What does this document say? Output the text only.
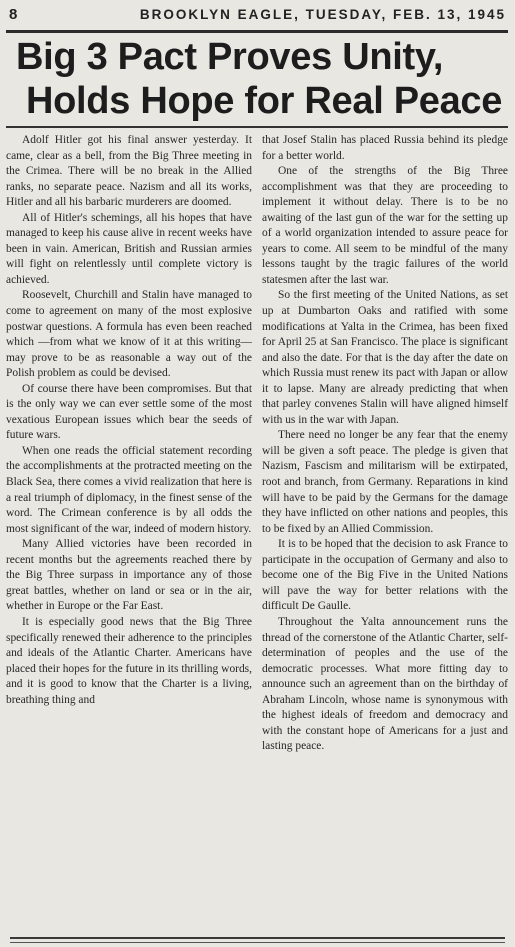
8	BROOKLYN EAGLE, TUESDAY, FEB. 13, 1945
Big 3 Pact Proves Unity,
Holds Hope for Real Peace

Adolf Hitler got his final answer yesterday. It came, clear as a bell, from the Big Three meeting in the Crimea. There will be no break in the Allied ranks, no separate peace. Nazism and all its works, Hitler and all his barbaric murderers are doomed.

All of Hitler's schemings, all his hopes that have managed to keep his cause alive in recent weeks have been in vain. American, British and Russian armies will fight on relentlessly until complete victory is achieved.

Roosevelt, Churchill and Stalin have managed to come to agreement on many of the most explosive postwar questions. A formula has even been reached which —from what we know of it at this writing—may prove to be as reasonable a way out of the Polish problem as could be devised.

Of course there have been compromises. But that is the only way we can ever settle some of the most vexatious European issues which bear the seeds of future wars.

When one reads the official statement recording the accomplishments at the protracted meeting on the Black Sea, there comes a vivid realization that here is a real triumph of diplomacy, in the finest sense of the word. The Crimean conference is by all odds the most significant of the war, indeed of modern history.

Many Allied victories have been recorded in recent months but the agreements reached there by the Big Three surpass in importance any of those great battles, whether on land or sea or in the air, whether in Europe or the Far East.

It is especially good news that the Big Three specifically renewed their adherence to the principles and ideals of the Atlantic Charter. Americans have placed their hopes for the future in its thrilling words, and it is good to know that the Charter is a living, breathing thing and

that Josef Stalin has placed Russia behind its pledge for a better world.

One of the strengths of the Big Three accomplishment was that they are proceeding to implement it without delay. There is to be no awaiting of the last gun of the war for the setting up of a world organization intended to assure peace for years to come. All seem to be mindful of the many lessons taught by the tragic failures of the world statesmen after the last war.

So the first meeting of the United Nations, as set up at Dumbarton Oaks and ratified with some modifications at Yalta in the Crimea, has been fixed for April 25 at San Francisco. The place is significant and also the date. For that is the day after the date on which Russia must renew its pact with Japan or allow it to lapse. Many are already predicting that when that parley convenes Stalin will have aligned himself with us in the war with Japan.

There need no longer be any fear that the enemy will be given a soft peace. The pledge is given that Nazism, Fascism and militarism will be extirpated, root and branch, from Germany. Reparations in kind will have to be paid by the Germans for the damage they have inflicted on other nations and peoples, this to be fixed by an Allied Commission.

It is to be hoped that the decision to ask France to participate in the occupation of Germany and also to become one of the Big Five in the United Nations will pave the way for better relations with the difficult De Gaulle.

Throughout the Yalta announcement runs the thread of the cornerstone of the Atlantic Charter, self-determination of peoples and the use of the democratic processes. What more fitting day to announce such an agreement than on the birthday of Abraham Lincoln, whose name is synonymous with the highest ideals of freedom and democracy and with the constant hope of Americans for a just and lasting peace.
